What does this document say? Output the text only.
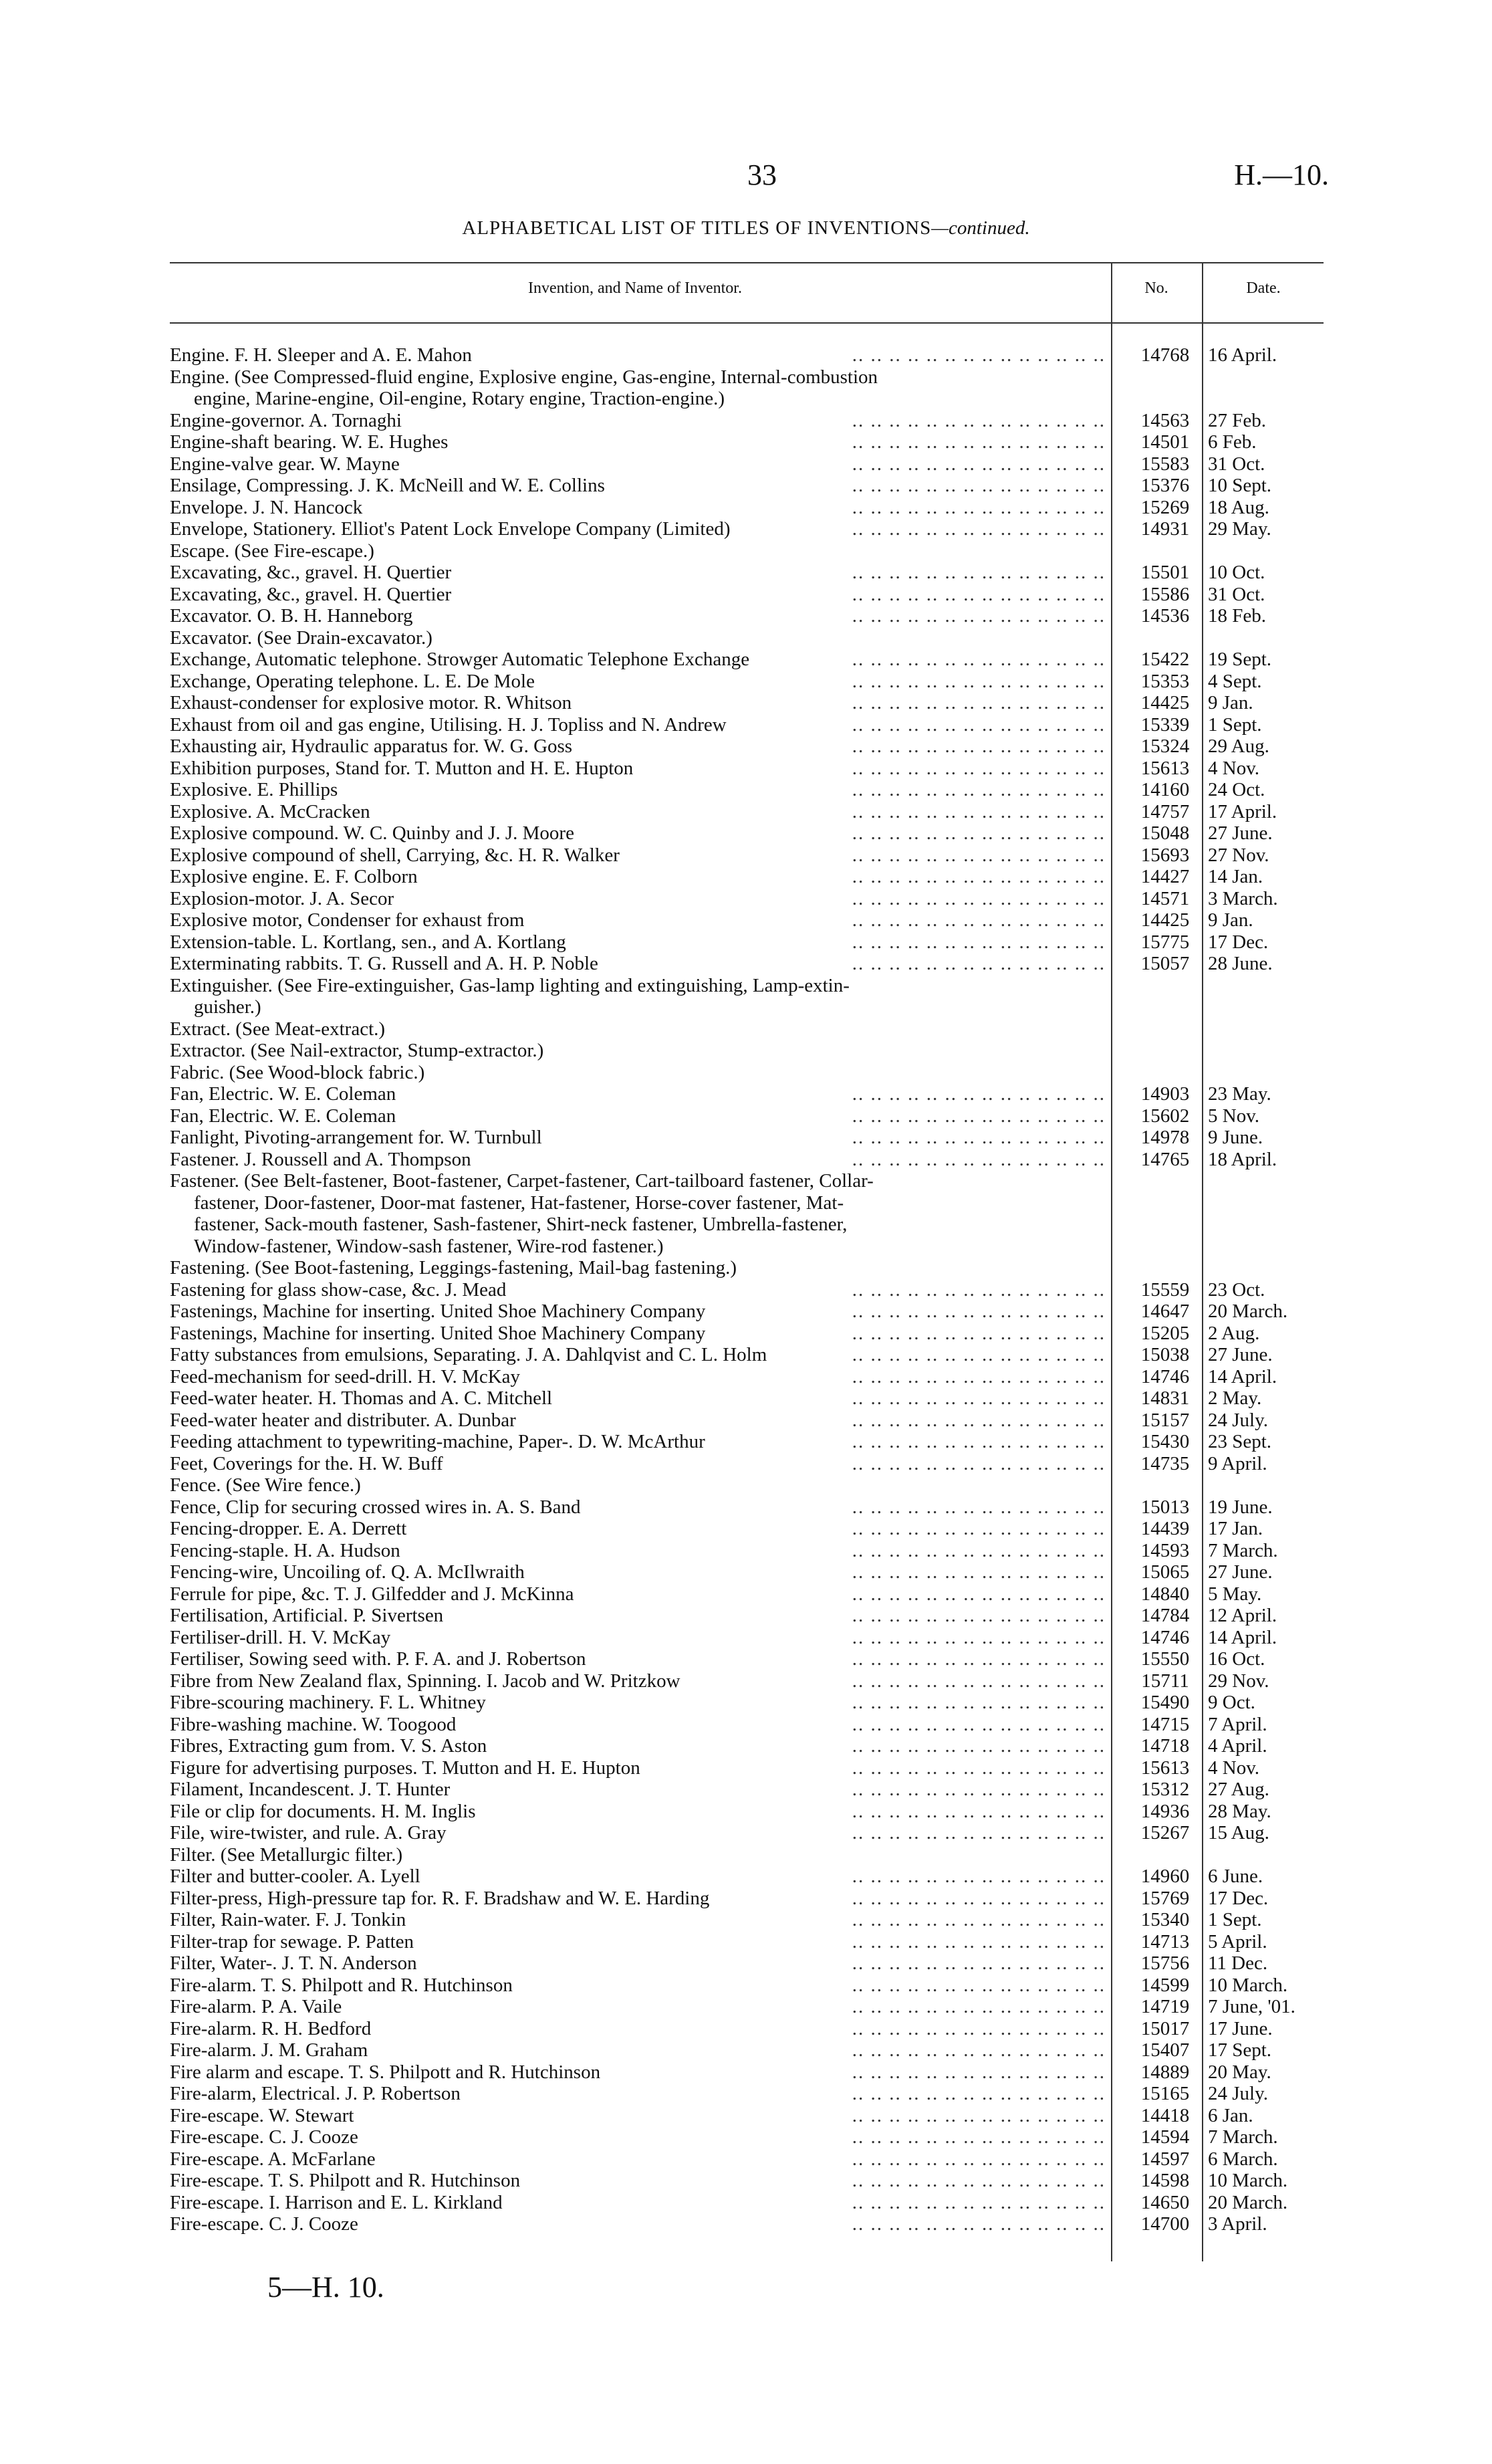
33	H.—10.
ALPHABETICAL LIST OF TITLES OF INVENTIONS—continued.
Invention, and Name of Inventor.	No.	Date.
.. .. .. .. .. .. .. .. .. .. .. .. .. ..
Engine. F. H. Sleeper and A. E. Mahon	14768 16 April.
Engine. (See Compressed-fluid engine, Explosive engine, Gas-engine, Internal-combustion
engine, Marine-engine, Oil-engine, Rotary engine, Traction-engine.)
.. .. .. .. .. .. .. .. .. .. .. .. .. ..
Engine-governor. A. Tornaghi	14563 27 Feb.
.. .. .. .. .. .. .. .. .. .. .. .. .. ..
Engine-shaft bearing. W. E. Hughes	14501 6 Feb.
.. .. .. .. .. .. .. .. .. .. .. .. .. ..
Engine-valve gear. W. Mayne	15583 31 Oct.
.. .. .. .. .. .. .. .. .. .. .. .. .. ..
Ensilage, Compressing. J. K. McNeill and W. E. Collins	15376 10 Sept.
.. .. .. .. .. .. .. .. .. .. .. .. .. ..
Envelope. J. N. Hancock	15269 18 Aug.
.. .. .. .. .. .. .. .. .. .. .. .. .. ..
Envelope, Stationery. Elliot's Patent Lock Envelope Company (Limited)	14931 29 May.
Escape. (See Fire-escape.)
.. .. .. .. .. .. .. .. .. .. .. .. .. ..
Excavating, &c., gravel. H. Quertier	15501 10 Oct.
.. .. .. .. .. .. .. .. .. .. .. .. .. ..
Excavating, &c., gravel. H. Quertier	15586 31 Oct.
.. .. .. .. .. .. .. .. .. .. .. .. .. ..
Excavator. O. B. H. Hanneborg	14536 18 Feb.
Excavator. (See Drain-excavator.)
.. .. .. .. .. .. .. .. .. .. .. .. .. ..
Exchange, Automatic telephone. Strowger Automatic Telephone Exchange	15422 19 Sept.
.. .. .. .. .. .. .. .. .. .. .. .. .. ..
Exchange, Operating telephone. L. E. De Mole	15353 4 Sept.
.. .. .. .. .. .. .. .. .. .. .. .. .. ..
Exhaust-condenser for explosive motor. R. Whitson	14425 9 Jan.
.. .. .. .. .. .. .. .. .. .. .. .. .. ..
Exhaust from oil and gas engine, Utilising. H. J. Topliss and N. Andrew	15339 1 Sept.
.. .. .. .. .. .. .. .. .. .. .. .. .. ..
Exhausting air, Hydraulic apparatus for. W. G. Goss	15324 29 Aug.
.. .. .. .. .. .. .. .. .. .. .. .. .. ..
Exhibition purposes, Stand for. T. Mutton and H. E. Hupton	15613 4 Nov.
.. .. .. .. .. .. .. .. .. .. .. .. .. ..
Explosive. E. Phillips	14160 24 Oct.
.. .. .. .. .. .. .. .. .. .. .. .. .. ..
Explosive. A. McCracken	14757 17 April.
.. .. .. .. .. .. .. .. .. .. .. .. .. ..
Explosive compound. W. C. Quinby and J. J. Moore	15048 27 June.
.. .. .. .. .. .. .. .. .. .. .. .. .. ..
Explosive compound of shell, Carrying, &c. H. R. Walker	15693 27 Nov.
.. .. .. .. .. .. .. .. .. .. .. .. .. ..
Explosive engine. E. F. Colborn	14427 14 Jan.
.. .. .. .. .. .. .. .. .. .. .. .. .. ..
Explosion-motor. J. A. Secor	14571 3 March.
.. .. .. .. .. .. .. .. .. .. .. .. .. ..
Explosive motor, Condenser for exhaust from	14425 9 Jan.
.. .. .. .. .. .. .. .. .. .. .. .. .. ..
Extension-table. L. Kortlang, sen., and A. Kortlang	15775 17 Dec.
.. .. .. .. .. .. .. .. .. .. .. .. .. ..
Exterminating rabbits. T. G. Russell and A. H. P. Noble	15057 28 June.
Extinguisher. (See Fire-extinguisher, Gas-lamp lighting and extinguishing, Lamp-extin-
guisher.)
Extract. (See Meat-extract.)
Extractor. (See Nail-extractor, Stump-extractor.)
Fabric. (See Wood-block fabric.)
.. .. .. .. .. .. .. .. .. .. .. .. .. ..
Fan, Electric. W. E. Coleman	14903 23 May.
.. .. .. .. .. .. .. .. .. .. .. .. .. ..
Fan, Electric. W. E. Coleman	15602 5 Nov.
.. .. .. .. .. .. .. .. .. .. .. .. .. ..
Fanlight, Pivoting-arrangement for. W. Turnbull	14978 9 June.
.. .. .. .. .. .. .. .. .. .. .. .. .. ..
Fastener. J. Roussell and A. Thompson	14765 18 April.
Fastener. (See Belt-fastener, Boot-fastener, Carpet-fastener, Cart-tailboard fastener, Collar-
fastener, Door-fastener, Door-mat fastener, Hat-fastener, Horse-cover fastener, Mat-
fastener, Sack-mouth fastener, Sash-fastener, Shirt-neck fastener, Umbrella-fastener,
Window-fastener, Window-sash fastener, Wire-rod fastener.)
Fastening. (See Boot-fastening, Leggings-fastening, Mail-bag fastening.)
.. .. .. .. .. .. .. .. .. .. .. .. .. ..
Fastening for glass show-case, &c. J. Mead	15559 23 Oct.
.. .. .. .. .. .. .. .. .. .. .. .. .. ..
Fastenings, Machine for inserting. United Shoe Machinery Company	14647 20 March.
.. .. .. .. .. .. .. .. .. .. .. .. .. ..
Fastenings, Machine for inserting. United Shoe Machinery Company	15205 2 Aug.
.. .. .. .. .. .. .. .. .. .. .. .. .. ..
Fatty substances from emulsions, Separating. J. A. Dahlqvist and C. L. Holm	15038 27 June.
.. .. .. .. .. .. .. .. .. .. .. .. .. ..
Feed-mechanism for seed-drill. H. V. McKay	14746 14 April.
.. .. .. .. .. .. .. .. .. .. .. .. .. ..
Feed-water heater. H. Thomas and A. C. Mitchell	14831 2 May.
.. .. .. .. .. .. .. .. .. .. .. .. .. ..
Feed-water heater and distributer. A. Dunbar	15157 24 July.
.. .. .. .. .. .. .. .. .. .. .. .. .. ..
Feeding attachment to typewriting-machine, Paper-. D. W. McArthur	15430 23 Sept.
.. .. .. .. .. .. .. .. .. .. .. .. .. ..
Feet, Coverings for the. H. W. Buff	14735 9 April.
Fence. (See Wire fence.)
.. .. .. .. .. .. .. .. .. .. .. .. .. ..
Fence, Clip for securing crossed wires in. A. S. Band	15013 19 June.
.. .. .. .. .. .. .. .. .. .. .. .. .. ..
Fencing-dropper. E. A. Derrett	14439 17 Jan.
.. .. .. .. .. .. .. .. .. .. .. .. .. ..
Fencing-staple. H. A. Hudson	14593 7 March.
.. .. .. .. .. .. .. .. .. .. .. .. .. ..
Fencing-wire, Uncoiling of. Q. A. McIlwraith	15065 27 June.
.. .. .. .. .. .. .. .. .. .. .. .. .. ..
Ferrule for pipe, &c. T. J. Gilfedder and J. McKinna	14840 5 May.
.. .. .. .. .. .. .. .. .. .. .. .. .. ..
Fertilisation, Artificial. P. Sivertsen	14784 12 April.
.. .. .. .. .. .. .. .. .. .. .. .. .. ..
Fertiliser-drill. H. V. McKay	14746 14 April.
.. .. .. .. .. .. .. .. .. .. .. .. .. ..
Fertiliser, Sowing seed with. P. F. A. and J. Robertson	15550 16 Oct.
.. .. .. .. .. .. .. .. .. .. .. .. .. ..
Fibre from New Zealand flax, Spinning. I. Jacob and W. Pritzkow	15711 29 Nov.
.. .. .. .. .. .. .. .. .. .. .. .. .. ..
Fibre-scouring machinery. F. L. Whitney	15490 9 Oct.
.. .. .. .. .. .. .. .. .. .. .. .. .. ..
Fibre-washing machine. W. Toogood	14715 7 April.
.. .. .. .. .. .. .. .. .. .. .. .. .. ..
Fibres, Extracting gum from. V. S. Aston	14718 4 April.
.. .. .. .. .. .. .. .. .. .. .. .. .. ..
Figure for advertising purposes. T. Mutton and H. E. Hupton	15613 4 Nov.
.. .. .. .. .. .. .. .. .. .. .. .. .. ..
Filament, Incandescent. J. T. Hunter	15312 27 Aug.
.. .. .. .. .. .. .. .. .. .. .. .. .. ..
File or clip for documents. H. M. Inglis	14936 28 May.
.. .. .. .. .. .. .. .. .. .. .. .. .. ..
File, wire-twister, and rule. A. Gray	15267 15 Aug.
Filter. (See Metallurgic filter.)
.. .. .. .. .. .. .. .. .. .. .. .. .. ..
Filter and butter-cooler. A. Lyell	14960 6 June.
.. .. .. .. .. .. .. .. .. .. .. .. .. ..
Filter-press, High-pressure tap for. R. F. Bradshaw and W. E. Harding	15769 17 Dec.
.. .. .. .. .. .. .. .. .. .. .. .. .. ..
Filter, Rain-water. F. J. Tonkin	15340 1 Sept.
.. .. .. .. .. .. .. .. .. .. .. .. .. ..
Filter-trap for sewage. P. Patten	14713 5 April.
.. .. .. .. .. .. .. .. .. .. .. .. .. ..
Filter, Water-. J. T. N. Anderson	15756 11 Dec.
.. .. .. .. .. .. .. .. .. .. .. .. .. ..
Fire-alarm. T. S. Philpott and R. Hutchinson	14599 10 March.
.. .. .. .. .. .. .. .. .. .. .. .. .. ..
Fire-alarm. P. A. Vaile	14719 7 June, '01.
.. .. .. .. .. .. .. .. .. .. .. .. .. ..
Fire-alarm. R. H. Bedford	15017 17 June.
.. .. .. .. .. .. .. .. .. .. .. .. .. ..
Fire-alarm. J. M. Graham	15407 17 Sept.
.. .. .. .. .. .. .. .. .. .. .. .. .. ..
Fire alarm and escape. T. S. Philpott and R. Hutchinson	14889 20 May.
.. .. .. .. .. .. .. .. .. .. .. .. .. ..
Fire-alarm, Electrical. J. P. Robertson	15165 24 July.
.. .. .. .. .. .. .. .. .. .. .. .. .. ..
Fire-escape. W. Stewart	14418 6 Jan.
.. .. .. .. .. .. .. .. .. .. .. .. .. ..
Fire-escape. C. J. Cooze	14594 7 March.
.. .. .. .. .. .. .. .. .. .. .. .. .. ..
Fire-escape. A. McFarlane	14597 6 March.
.. .. .. .. .. .. .. .. .. .. .. .. .. ..
Fire-escape. T. S. Philpott and R. Hutchinson	14598 10 March.
.. .. .. .. .. .. .. .. .. .. .. .. .. ..
Fire-escape. I. Harrison and E. L. Kirkland	14650 20 March.
.. .. .. .. .. .. .. .. .. .. .. .. .. ..
Fire-escape. C. J. Cooze	14700 3 April.
5—H. 10.
